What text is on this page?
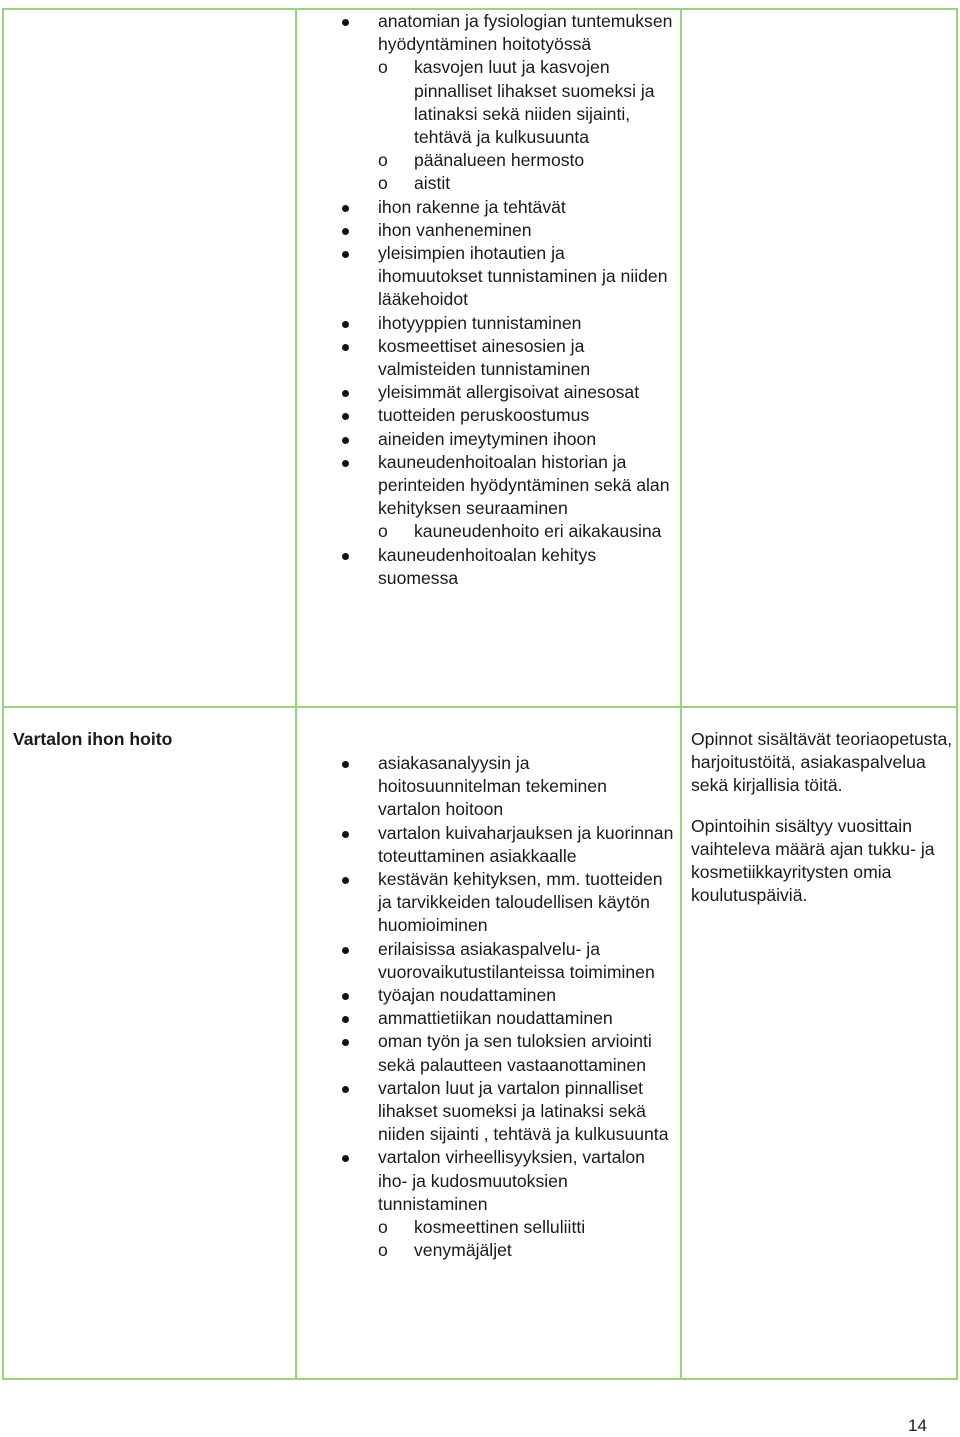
anatomian ja fysiologian tuntemuksen hyödyntäminen hoitotyössä
o kasvojen luut ja kasvojen pinnalliset lihakset suomeksi ja latinaksi sekä niiden sijainti, tehtävä ja kulkusuunta
o päänalueen hermosto
o aistit
ihon rakenne ja tehtävät
ihon vanheneminen
yleisimpien ihotautien ja ihomuutokset tunnistaminen ja niiden lääkehoidot
ihotyyppien tunnistaminen
kosmeettiset ainesosien ja valmisteiden tunnistaminen
yleisimmät allergisoivat ainesosat
tuotteiden peruskoostumus
aineiden imeytyminen ihoon
kauneudenhoitoalan historian ja perinteiden hyödyntäminen sekä alan kehityksen seuraaminen
o kauneudenhoito eri aikakausina
kauneudenhoitoalan kehitys suomessa
Vartalon ihon hoito
asiakasanalyysin ja hoitosuunnitelman tekeminen vartalon hoitoon
vartalon kuivaharjauksen ja kuorinnan toteuttaminen asiakkaalle
kestävän kehityksen, mm. tuotteiden ja tarvikkeiden taloudellisen käytön huomioiminen
erilaisissa asiakaspalvelu- ja vuorovaikutustilanteissa toimiminen
työajan noudattaminen
ammattietiikan noudattaminen
oman työn ja sen tuloksien arviointi sekä palautteen vastaanottaminen
vartalon luut ja vartalon pinnalliset lihakset suomeksi ja latinaksi sekä niiden sijainti , tehtävä ja kulkusuunta
vartalon virheellisyyksien, vartalon iho- ja kudosmuutoksien tunnistaminen
o kosmeettinen selluliitti
o venymäjäljet

Opinnot sisältävät teoriaopetusta, harjoitustöitä, asiakaspalvelua sekä kirjallisia töitä.

Opintoihin sisältyy vuosittain vaihteleva määrä ajan tukku- ja kosmetiikkayritysten omia koulutuspäiviä.

14
